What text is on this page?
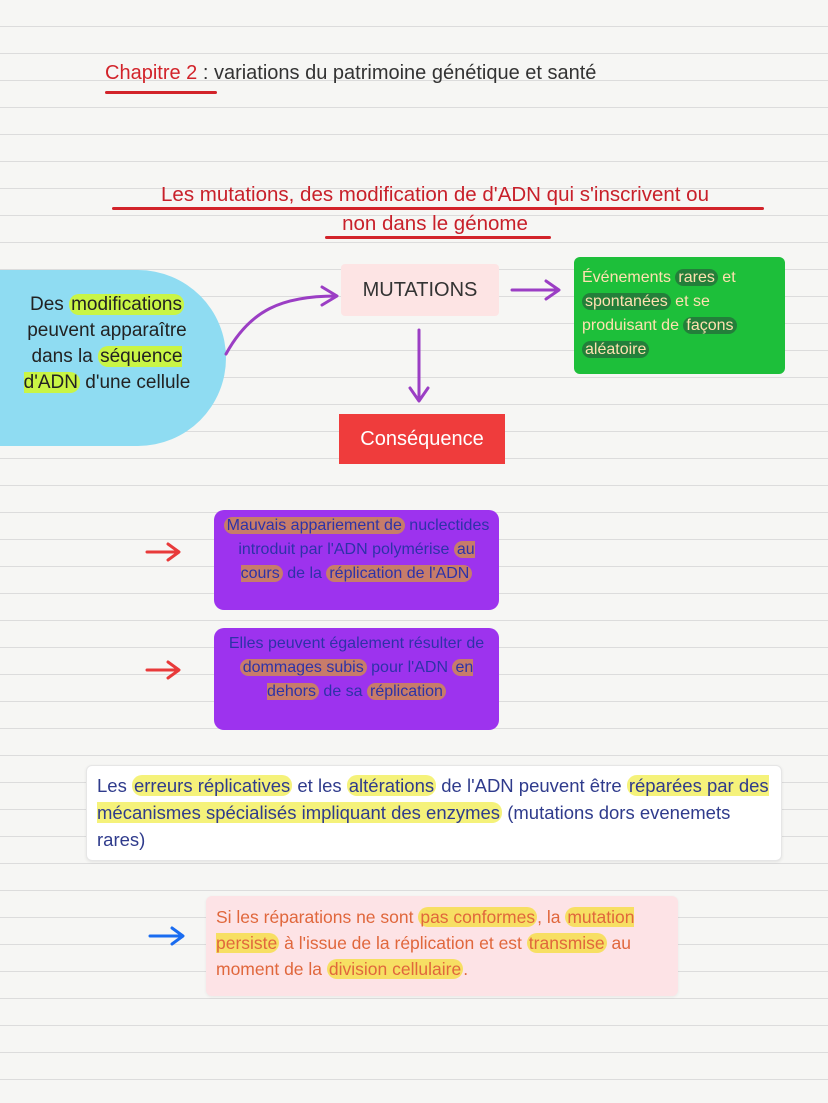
Chapitre 2 : variations du patrimoine génétique et santé
Les mutations, des modification de d'ADN qui s'inscrivent ou
non dans le génome
Des modifications peuvent apparaître dans la séquence d'ADN d'une cellule
MUTATIONS
Événements rares et spontanées et se produisant de façons aléatoire
Conséquence
Mauvais appariement de nuclectides introduit par l'ADN polymérise au cours de la réplication de l'ADN
Elles peuvent également résulter de dommages subis pour l'ADN en dehors de sa réplication
Les erreurs réplicatives et les altérations de l'ADN peuvent être réparées par des mécanismes spécialisés impliquant des enzymes (mutations dors evenemets rares)
Si les réparations ne sont pas conformes , la mutation persiste à l'issue de la réplication et est transmise au moment de la division cellulaire .
